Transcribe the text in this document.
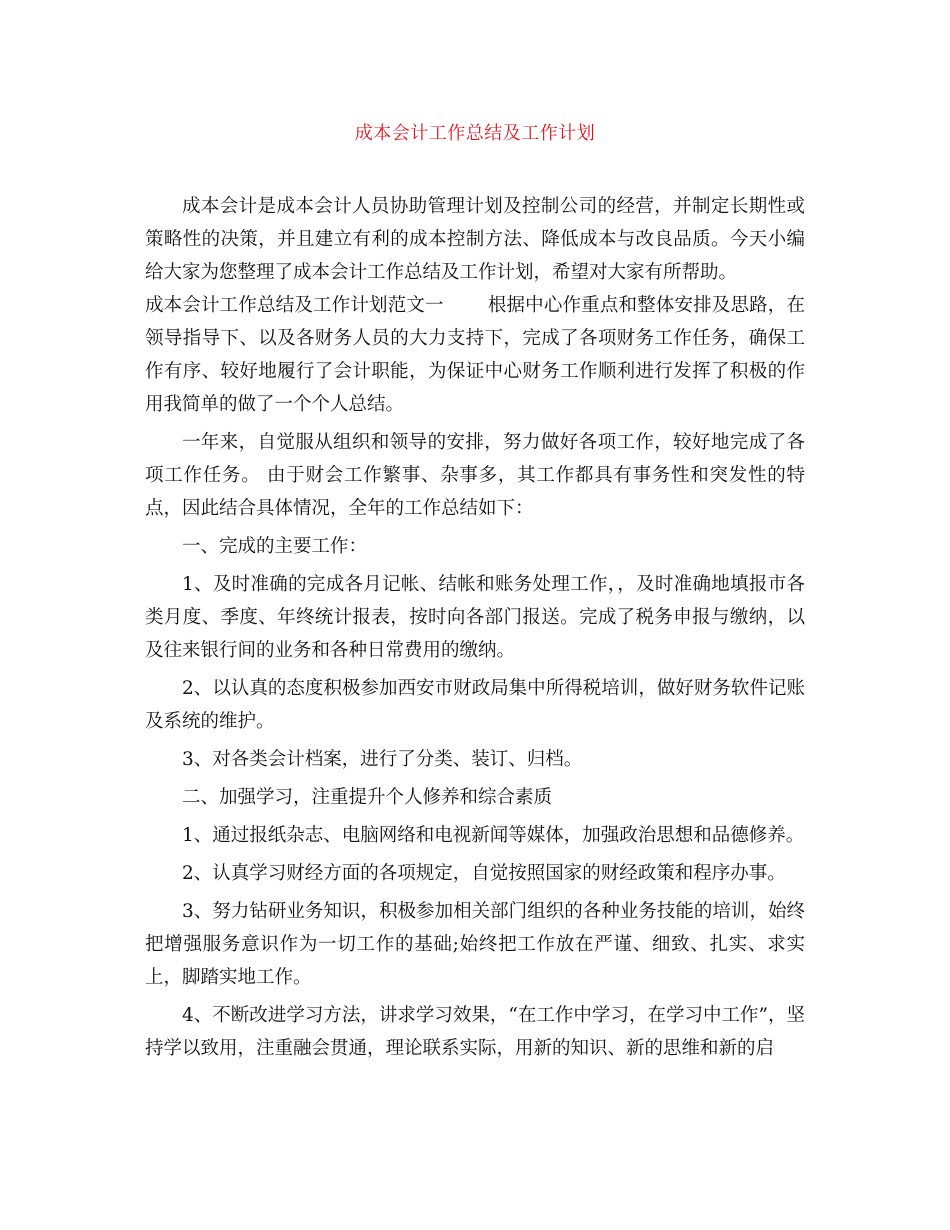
成本会计工作总结及工作计划

成本会计是成本会计人员协助管理计划及控制公司的经营，并制定长期性或策略性的决策，并且建立有利的成本控制方法、降低成本与改良品质。今天小编给大家为您整理了成本会计工作总结及工作计划，希望对大家有所帮助。

成本会计工作总结及工作计划范文一 根据中心作重点和整体安排及思路，在领导指导下、以及各财务人员的大力支持下，完成了各项财务工作任务，确保工作有序、较好地履行了会计职能，为保证中心财务工作顺利进行发挥了积极的作用我简单的做了一个个人总结。

一年来，自觉服从组织和领导的安排，努力做好各项工作，较好地完成了各项工作任务。 由于财会工作繁事、杂事多，其工作都具有事务性和突发性的特点，因此结合具体情况，全年的工作总结如下：

一、完成的主要工作：

1、及时准确的完成各月记帐、结帐和账务处理工作，，及时准确地填报市各类月度、季度、年终统计报表，按时向各部门报送。完成了税务申报与缴纳，以及往来银行间的业务和各种日常费用的缴纳。

2、以认真的态度积极参加西安市财政局集中所得税培训，做好财务软件记账及系统的维护。

3、对各类会计档案，进行了分类、装订、归档。

二、加强学习，注重提升个人修养和综合素质

1、通过报纸杂志、电脑网络和电视新闻等媒体，加强政治思想和品德修养。

2、认真学习财经方面的各项规定，自觉按照国家的财经政策和程序办事。

3、努力钻研业务知识，积极参加相关部门组织的各种业务技能的培训，始终把增强服务意识作为一切工作的基础;始终把工作放在严谨、细致、扎实、求实上，脚踏实地工作。

4、不断改进学习方法，讲求学习效果，“在工作中学习，在学习中工作”，坚持学以致用，注重融会贯通，理论联系实际，用新的知识、新的思维和新的启
